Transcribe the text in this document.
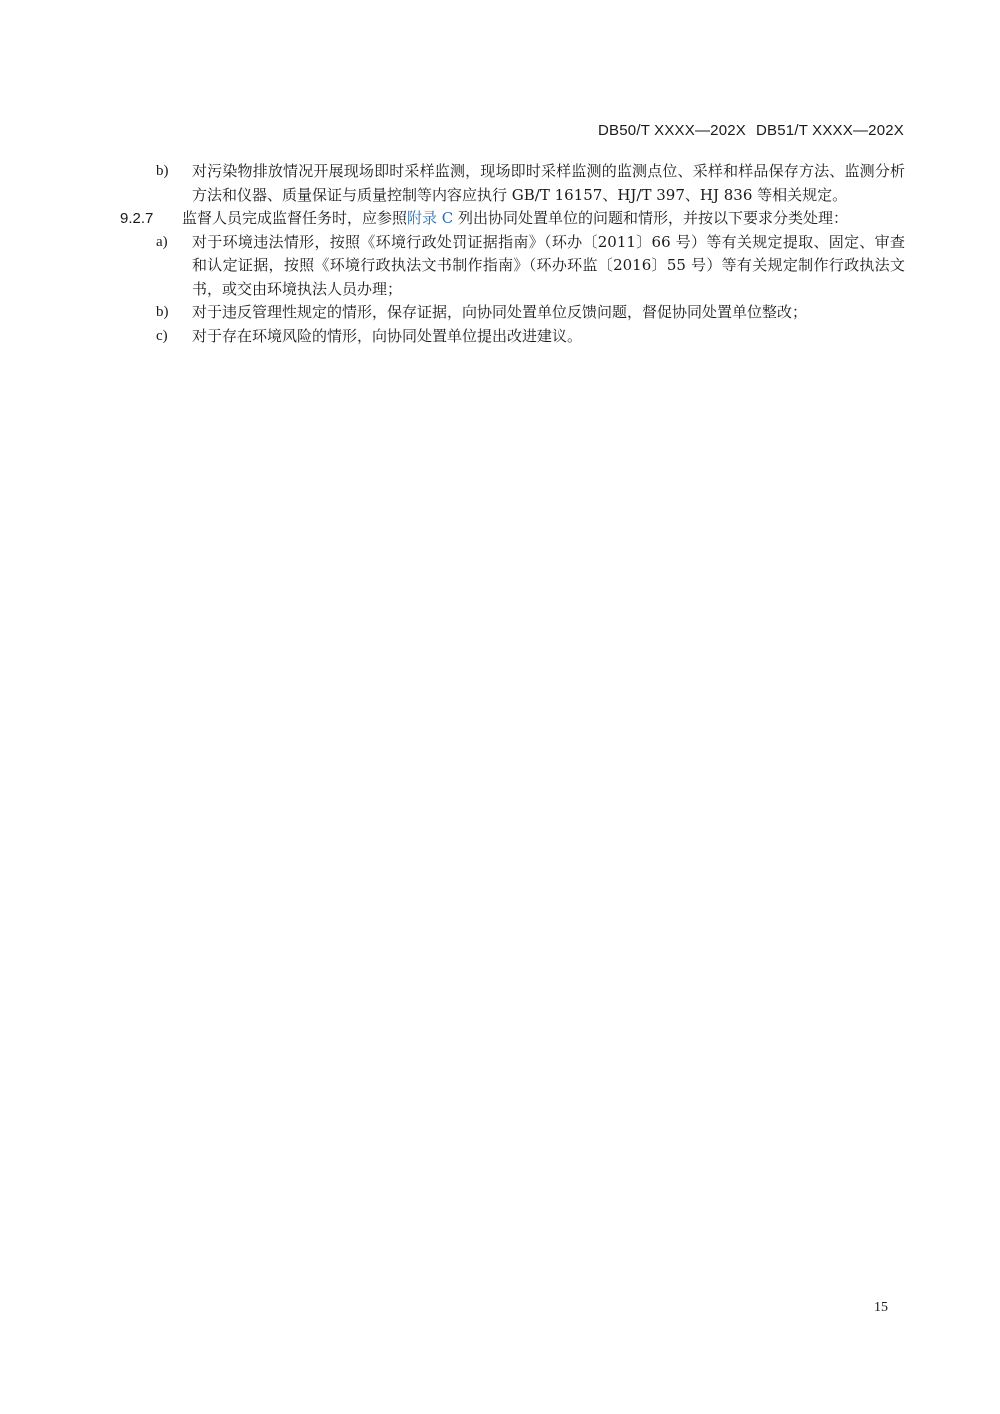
DB50/T XXXX—202X DB51/T XXXX—202X
b) 对污染物排放情况开展现场即时采样监测，现场即时采样监测的监测点位、采样和样品保存方法、监测分析方法和仪器、质量保证与质量控制等内容应执行 GB/T 16157、HJ/T 397、HJ 836 等相关规定。

9.2.7 监督人员完成监督任务时，应参照附录 C 列出协同处置单位的问题和情形，并按以下要求分类处理：

a) 对于环境违法情形，按照《环境行政处罚证据指南》（环办〔2011〕66 号）等有关规定提取、固定、审查和认定证据，按照《环境行政执法文书制作指南》（环办环监〔2016〕55 号）等有关规定制作行政执法文书，或交由环境执法人员办理；
b) 对于违反管理性规定的情形，保存证据，向协同处置单位反馈问题，督促协同处置单位整改；
c) 对于存在环境风险的情形，向协同处置单位提出改进建议。
15
